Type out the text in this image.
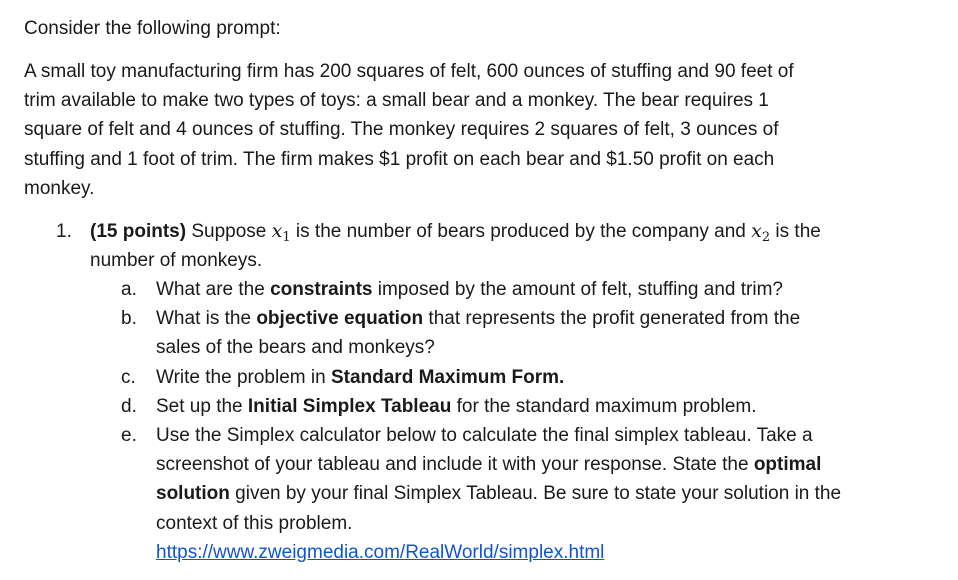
Consider the following prompt:

A small toy manufacturing firm has 200 squares of felt, 600 ounces of stuffing and 90 feet of
trim available to make two types of toys: a small bear and a monkey. The bear requires 1
square of felt and 4 ounces of stuffing. The monkey requires 2 squares of felt, 3 ounces of
stuffing and 1 foot of trim. The firm makes $1 profit on each bear and $1.50 profit on each
monkey.

1. (15 points) Suppose $x_1$ is the number of bears produced by the company and $x_2$ is the
number of monkeys.
a. What are the constraints imposed by the amount of felt, stuffing and trim?
b. What is the objective equation that represents the profit generated from the
sales of the bears and monkeys?
c. Write the problem in Standard Maximum Form.
d. Set up the Initial Simplex Tableau for the standard maximum problem.
e. Use the Simplex calculator below to calculate the final simplex tableau. Take a
screenshot of your tableau and include it with your response. State the optimal
solution given by your final Simplex Tableau. Be sure to state your solution in the
context of this problem.
https://www.zweigmedia.com/RealWorld/simplex.html
